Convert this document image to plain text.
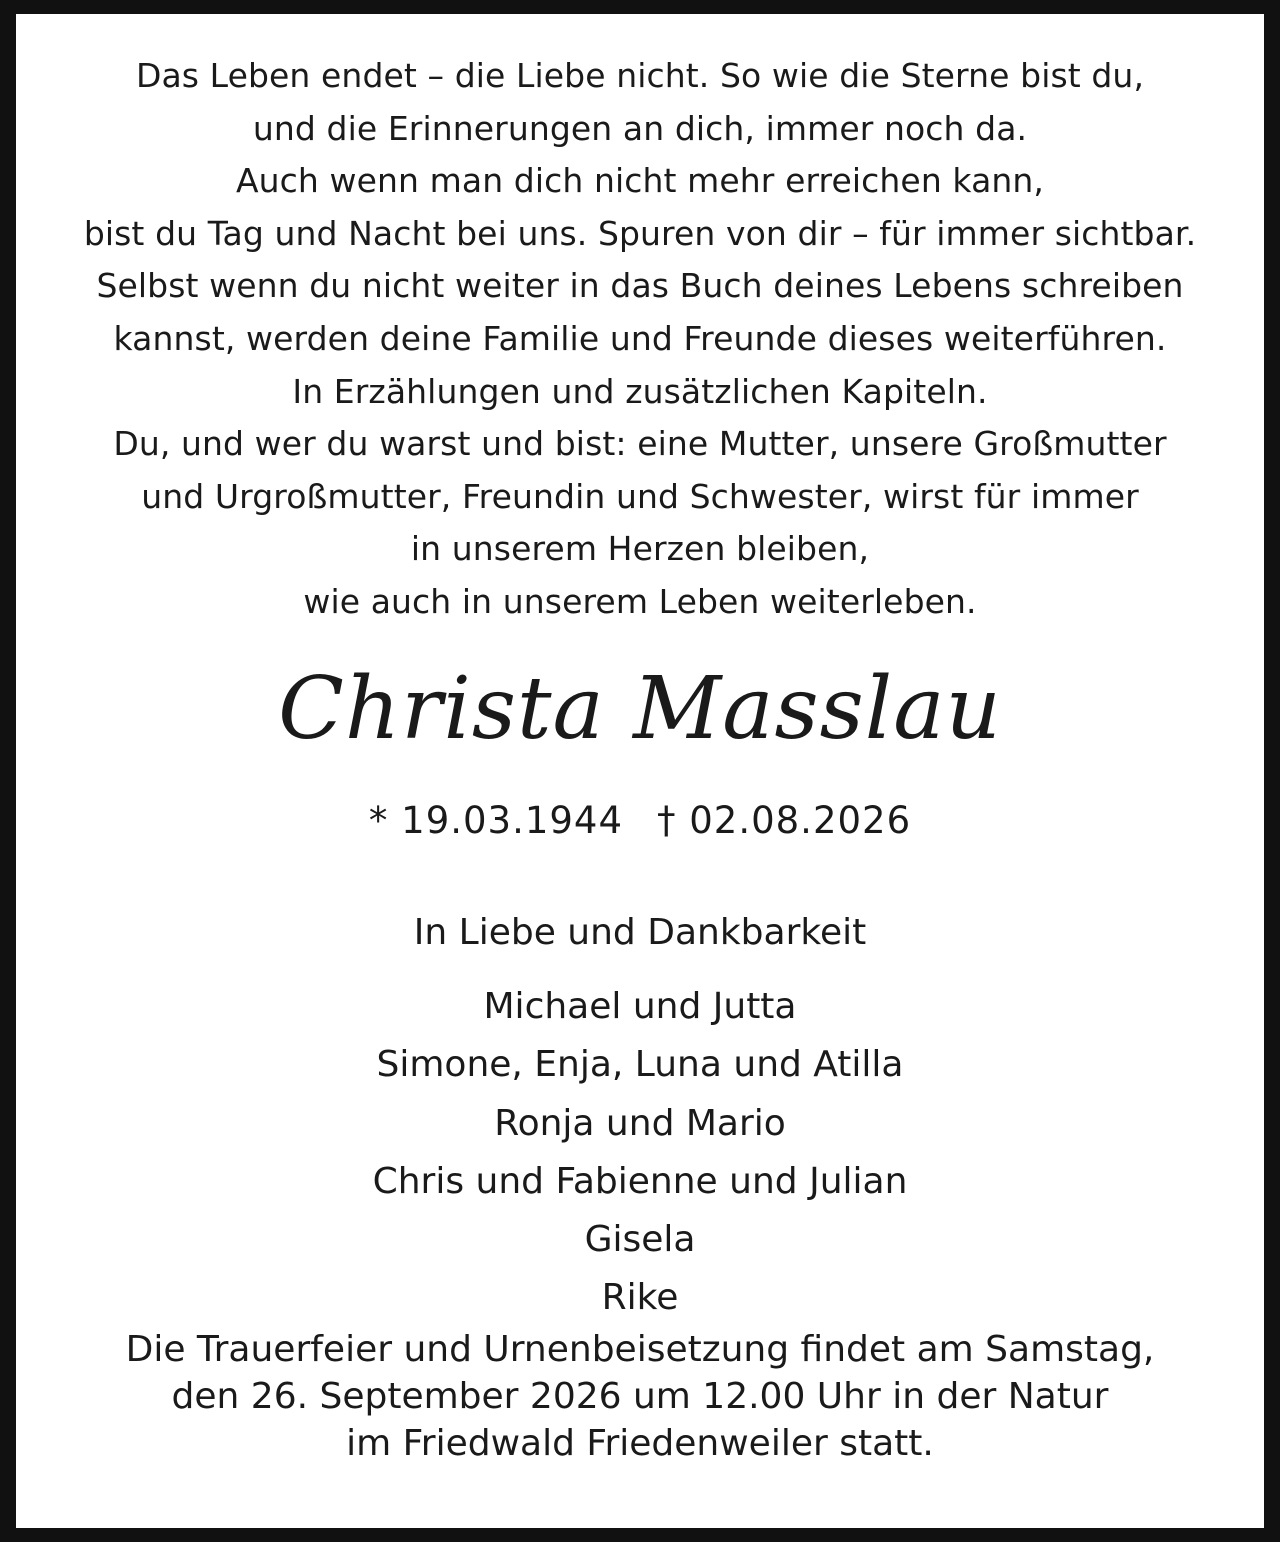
Das Leben endet – die Liebe nicht. So wie die Sterne bist du,
und die Erinnerungen an dich, immer noch da.
Auch wenn man dich nicht mehr erreichen kann,
bist du Tag und Nacht bei uns. Spuren von dir – für immer sichtbar.
Selbst wenn du nicht weiter in das Buch deines Lebens schreiben
kannst, werden deine Familie und Freunde dieses weiterführen.
In Erzählungen und zusätzlichen Kapiteln.
Du, und wer du warst und bist: eine Mutter, unsere Großmutter
und Urgroßmutter, Freundin und Schwester, wirst für immer
in unserem Herzen bleiben,
wie auch in unserem Leben weiterleben.
Christa Masslau
* 19.03.1944 † 02.08.2026
In Liebe und Dankbarkeit
Michael und Jutta
Simone, Enja, Luna und Atilla
Ronja und Mario
Chris und Fabienne und Julian
Gisela
Rike
Die Trauerfeier und Urnenbeisetzung findet am Samstag,
den 26. September 2026 um 12.00 Uhr in der Natur
im Friedwald Friedenweiler statt.
